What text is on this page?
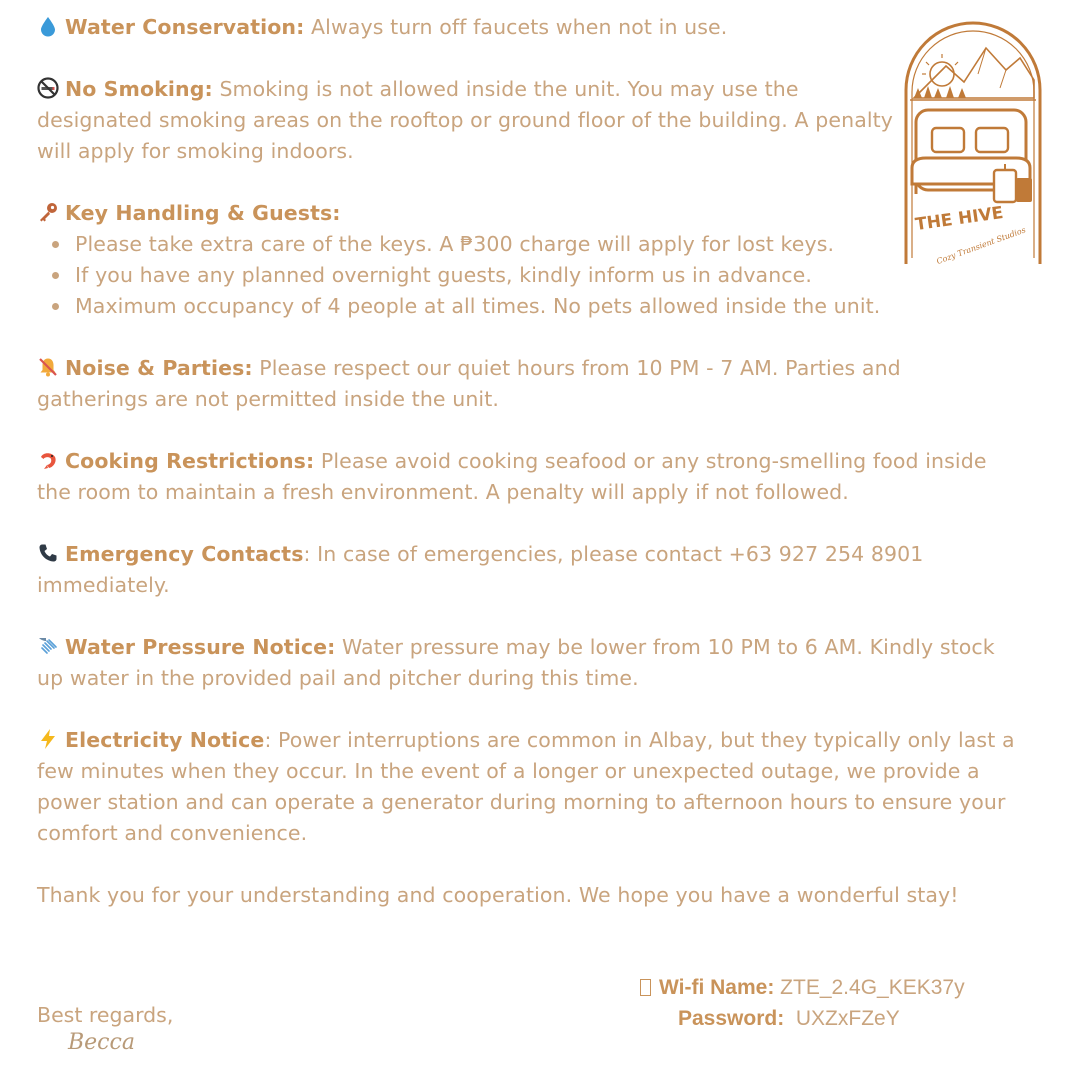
Water Conservation: Always turn off faucets when not in use.

No Smoking: Smoking is not allowed inside the unit. You may use the designated smoking areas on the rooftop or ground floor of the building. A penalty will apply for smoking indoors.

Key Handling & Guests:

Please take extra care of the keys. A ₱300 charge will apply for lost keys.
If you have any planned overnight guests, kindly inform us in advance.
Maximum occupancy of 4 people at all times. No pets allowed inside the unit.

Noise & Parties: Please respect our quiet hours from 10 PM - 7 AM. Parties and gatherings are not permitted inside the unit.

Cooking Restrictions: Please avoid cooking seafood or any strong-smelling food inside the room to maintain a fresh environment. A penalty will apply if not followed.

Emergency Contacts: In case of emergencies, please contact +63 927 254 8901 immediately.

Water Pressure Notice: Water pressure may be lower from 10 PM to 6 AM. Kindly stock up water in the provided pail and pitcher during this time.

Electricity Notice: Power interruptions are common in Albay, but they typically only last a few minutes when they occur. In the event of a longer or unexpected outage, we provide a power station and can operate a generator during morning to afternoon hours to ensure your comfort and convenience.

Thank you for your understanding and cooperation. We hope you have a wonderful stay!

Wi-fi Name: ZTE_2.4G_KEK37y
Password:  UXZxFZeY
Best regards,
Becca
THE HIVE
Cozy Transient Studios
